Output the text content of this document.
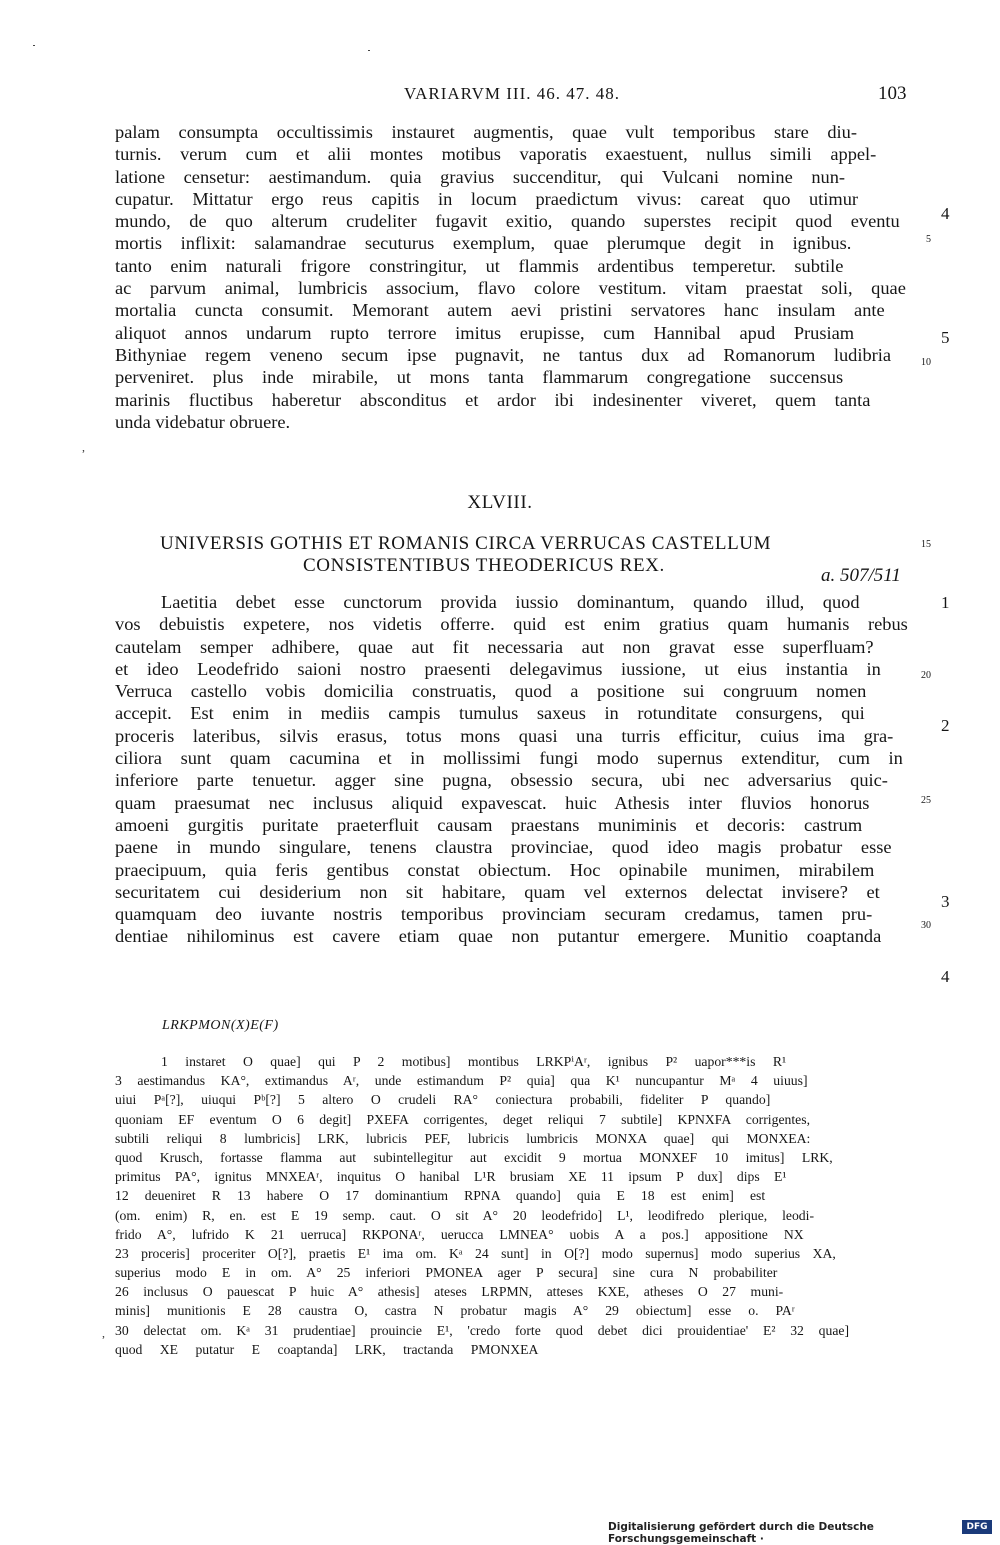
VARIARVM III. 46. 47. 48.	103
palam consumpta occultissimis instauret augmentis, quae vult temporibus stare diu-
turnis. verum cum et alii montes motibus vaporatis exaestuent, nullus simili appel-
latione censetur: aestimandum. quia gravius succenditur, qui Vulcani nomine nun-
cupatur. Mittatur ergo reus capitis in locum praedictum vivus: careat quo utimur
mundo, de quo alterum crudeliter fugavit exitio, quando superstes recipit quod eventu
mortis inflixit: salamandrae secuturus exemplum, quae plerumque degit in ignibus.
tanto enim naturali frigore constringitur, ut flammis ardentibus temperetur. subtile
ac parvum animal, lumbricis associum, flavo colore vestitum. vitam praestat soli, quae
mortalia cuncta consumit. Memorant autem aevi pristini servatores hanc insulam ante
aliquot annos undarum rupto terrore imitus erupisse, cum Hannibal apud Prusiam
Bithyniae regem veneno secum ipse pugnavit, ne tantus dux ad Romanorum ludibria
perveniret. plus inde mirabile, ut mons tanta flammarum congregatione succensus
marinis fluctibus haberetur absconditus et ardor ibi indesinenter viveret, quem tanta
unda videbatur obruere.
4
5
5
10
,
XLVIII.
UNIVERSIS GOTHIS ET ROMANIS CIRCA VERRUCAS CASTELLUM	15
CONSISTENTIBUS THEODERICUS REX.	a. 507/511
Laetitia debet esse cunctorum provida iussio dominantum, quando illud, quod
vos debuistis expetere, nos videtis offerre. quid est enim gratius quam humanis rebus
cautelam semper adhibere, quae aut fit necessaria aut non gravat esse superfluam?
et ideo Leodefrido saioni nostro praesenti delegavimus iussione, ut eius instantia in
Verruca castello vobis domicilia construatis, quod a positione sui congruum nomen
accepit. Est enim in mediis campis tumulus saxeus in rotunditate consurgens, qui
proceris lateribus, silvis erasus, totus mons quasi una turris efficitur, cuius ima gra-
ciliora sunt quam cacumina et in mollissimi fungi modo supernus extenditur, cum in
inferiore parte tenuetur. agger sine pugna, obsessio secura, ubi nec adversarius quic-
quam praesumat nec inclusus aliquid expavescat. huic Athesis inter fluvios honorus
amoeni gurgitis puritate praeterfluit causam praestans muniminis et decoris: castrum
paene in mundo singulare, tenens claustra provinciae, quod ideo magis probatur esse
praecipuum, quia feris gentibus constat obiectum. Hoc opinabile munimen, mirabilem
securitatem cui desiderium non sit habitare, quam vel externos delectat invisere? et
quamquam deo iuvante nostris temporibus provinciam securam credamus, tamen pru-
dentiae nihilominus est cavere etiam quae non putantur emergere. Munitio coaptanda
1
20
2
25
3
30
4
LRKPMON(X)E(F)
1 instaret O quae] qui P 2 motibus] montibus LRKPⁱAʳ, ignibus P² uapor***is R¹
3 aestimandus KA°, extimandus Aʳ, unde estimandum P² quia] qua K¹ nuncupantur Mᵃ 4 uiuus]
uiui Pᵃ[?], uiuqui Pᵇ[?] 5 altero O crudeli RA° coniectura probabili, fideliter P quando]
quoniam EF eventum O 6 degit] PXEFA corrigentes, deget reliqui 7 subtile] KPNXFA corrigentes,
subtili reliqui 8 lumbricis] LRK, lubricis PEF, lubricis lumbricis MONXA quae] qui MONXEA:
quod Krusch, fortasse flamma aut subintellegitur aut excidit 9 mortua MONXEF 10 imitus] LRK,
primitus PA°, ignitus MNXEAʳ, inquitus O hanibal L¹R brusiam XE 11 ipsum P dux] dips E¹
12 deueniret R 13 habere O 17 dominantium RPNA quando] quia E 18 est enim] est
(om. enim) R, en. est E 19 semp. caut. O sit A° 20 leodefrido] L¹, leodifredo plerique, leodi-
frido A°, lufrido K 21 uerruca] RKPONAʳ, uerucca LMNEA° uobis A a pos.] appositione NX
23 proceris] proceriter O[?], praetis E¹ ima om. Kᵃ 24 sunt] in O[?] modo supernus] modo superius XA,
superius modo E in om. A° 25 inferiori PMONEA ager P secura] sine cura N probabiliter
26 inclusus O pauescat P huic A° athesis] ateses LRPMN, atteses KXE, atheses O 27 muni-
minis] munitionis E 28 caustra O, castra N probatur magis A° 29 obiectum] esse o. PAʳ
30 delectat om. Kᵃ 31 prudentiae] prouincie E¹, 'credo forte quod debet dici prouidentiae' E² 32 quae]
quod XE putatur E coaptanda] LRK, tractanda PMONXEA
,
Digitalisierung gefördert durch die Deutsche Forschungsgemeinschaft ·
DFG
